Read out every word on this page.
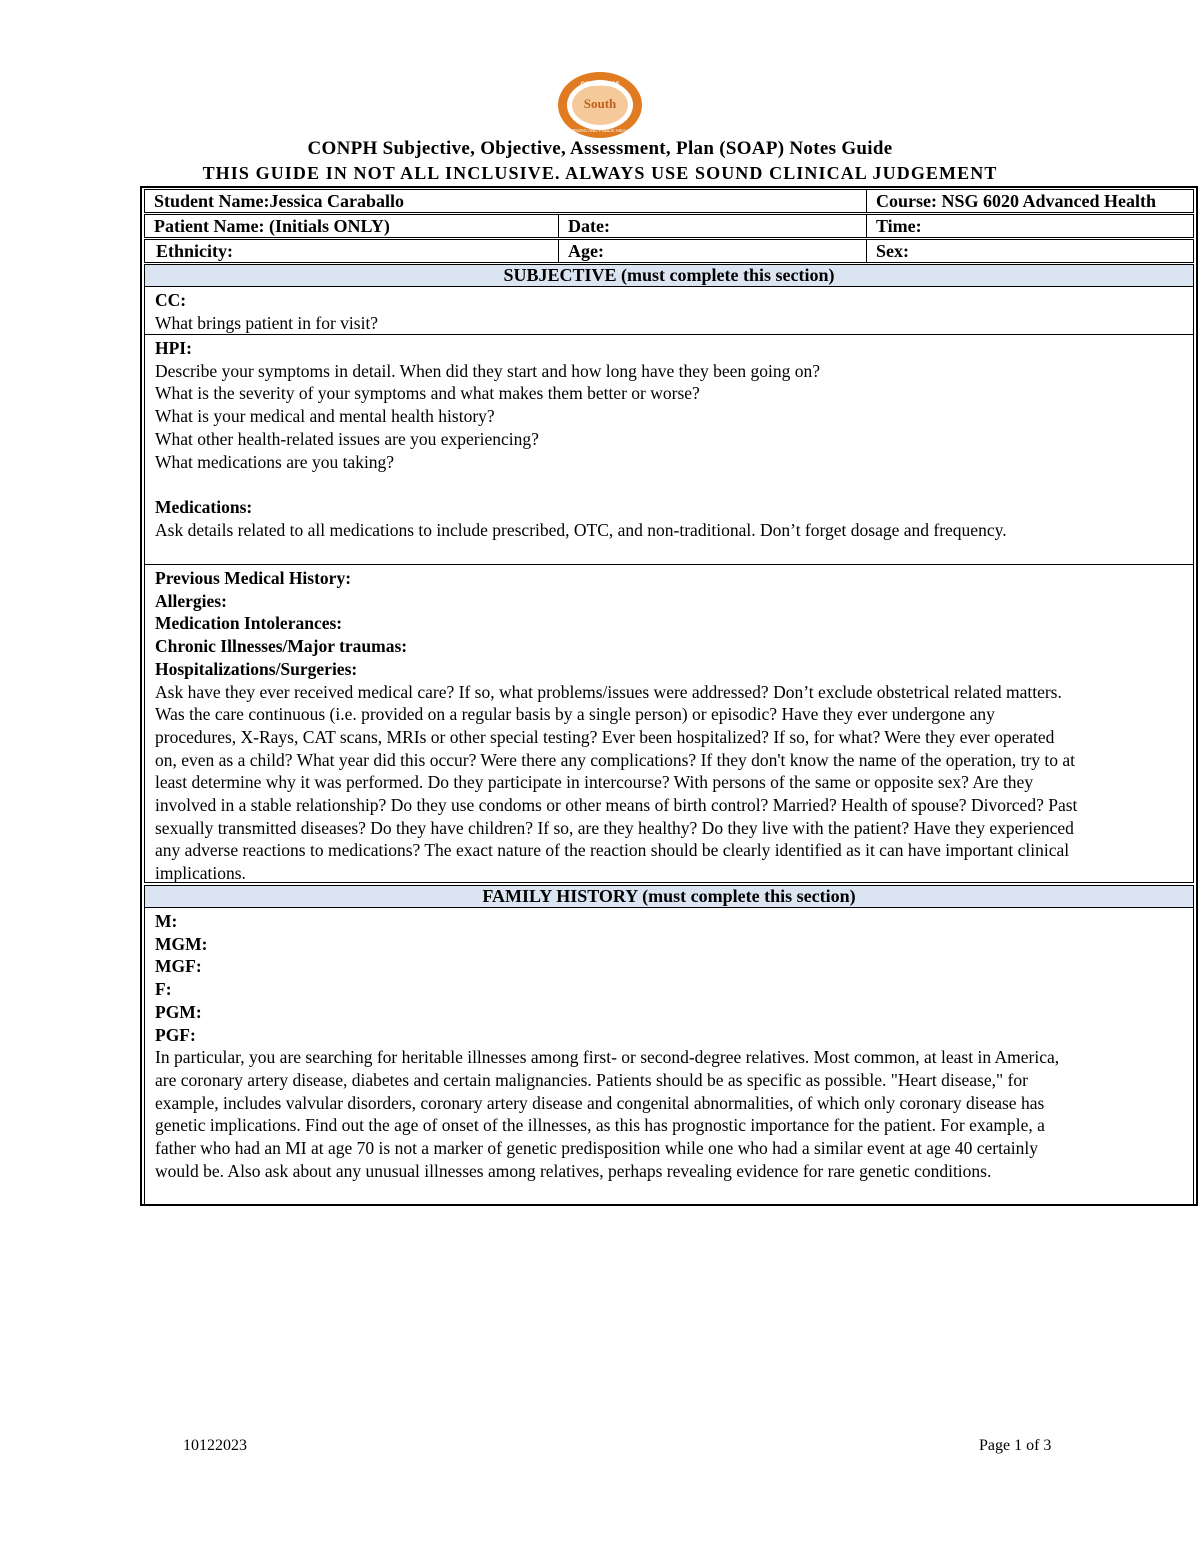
COLLEGE OF
South
NURSING AND PUBLIC HEALTH
CONPH Subjective, Objective, Assessment, Plan (SOAP) Notes Guide
THIS GUIDE IN NOT ALL INCLUSIVE. ALWAYS USE SOUND CLINICAL JUDGEMENT
Student Name:Jessica Caraballo	Course: NSG 6020 Advanced Health
Patient Name: (Initials ONLY)	Date:	Time:
Ethnicity:	Age:	Sex:
SUBJECTIVE (must complete this section)
CC:
What brings patient in for visit?
HPI:
Describe your symptoms in detail. When did they start and how long have they been going on?
What is the severity of your symptoms and what makes them better or worse?
What is your medical and mental health history?
What other health-related issues are you experiencing?
What medications are you taking?
Medications:
Ask details related to all medications to include prescribed, OTC, and non-traditional. Don’t forget dosage and frequency.
Previous Medical History:
Allergies:
Medication Intolerances:
Chronic Illnesses/Major traumas:
Hospitalizations/Surgeries:
Ask have they ever received medical care? If so, what problems/issues were addressed? Don’t exclude obstetrical related matters.
Was the care continuous (i.e. provided on a regular basis by a single person) or episodic? Have they ever undergone any
procedures, X-Rays, CAT scans, MRIs or other special testing? Ever been hospitalized? If so, for what? Were they ever operated
on, even as a child? What year did this occur? Were there any complications? If they don't know the name of the operation, try to at
least determine why it was performed. Do they participate in intercourse? With persons of the same or opposite sex? Are they
involved in a stable relationship? Do they use condoms or other means of birth control? Married? Health of spouse? Divorced? Past
sexually transmitted diseases? Do they have children? If so, are they healthy? Do they live with the patient? Have they experienced
any adverse reactions to medications? The exact nature of the reaction should be clearly identified as it can have important clinical
implications.
FAMILY HISTORY (must complete this section)
M:
MGM:
MGF:
F:
PGM:
PGF:
In particular, you are searching for heritable illnesses among first- or second-degree relatives. Most common, at least in America,
are coronary artery disease, diabetes and certain malignancies. Patients should be as specific as possible. "Heart disease," for
example, includes valvular disorders, coronary artery disease and congenital abnormalities, of which only coronary disease has
genetic implications. Find out the age of onset of the illnesses, as this has prognostic importance for the patient. For example, a
father who had an MI at age 70 is not a marker of genetic predisposition while one who had a similar event at age 40 certainly
would be. Also ask about any unusual illnesses among relatives, perhaps revealing evidence for rare genetic conditions.
10122023	Page 1 of 3
